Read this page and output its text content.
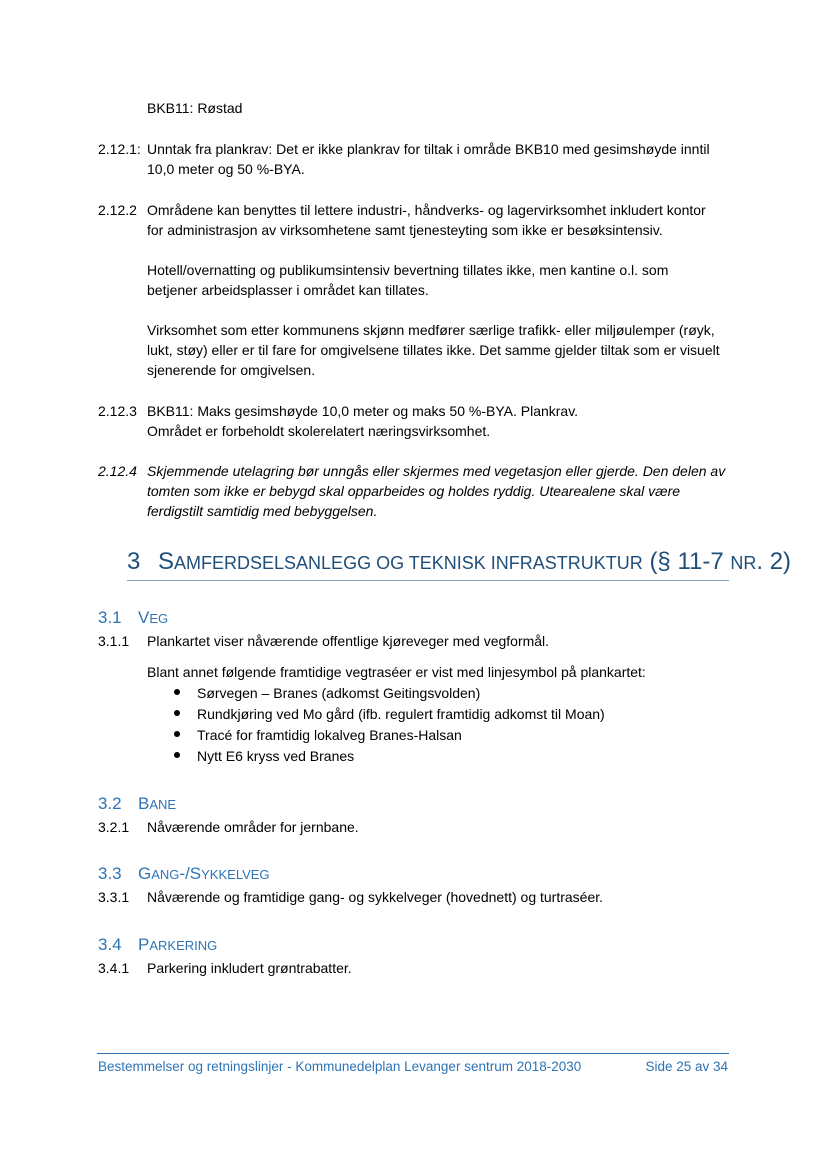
BKB11: Røstad
2.12.1: Unntak fra plankrav: Det er ikke plankrav for tiltak i område BKB10 med gesimshøyde inntil
10,0 meter og 50 %-BYA.
2.12.2 Områdene kan benyttes til lettere industri-, håndverks- og lagervirksomhet inkludert kontor
for administrasjon av virksomhetene samt tjenesteyting som ikke er besøksintensiv.
Hotell/overnatting og publikumsintensiv bevertning tillates ikke, men kantine o.l. som
betjener arbeidsplasser i området kan tillates.
Virksomhet som etter kommunens skjønn medfører særlige trafikk- eller miljøulemper (røyk,
lukt, støy) eller er til fare for omgivelsene tillates ikke. Det samme gjelder tiltak som er visuelt
sjenerende for omgivelsen.
2.12.3 BKB11: Maks gesimshøyde 10,0 meter og maks 50 %-BYA. Plankrav.
Området er forbeholdt skolerelatert næringsvirksomhet.
2.12.4 Skjemmende utelagring bør unngås eller skjermes med vegetasjon eller gjerde. Den delen av
tomten som ikke er bebygd skal opparbeides og holdes ryddig. Utearealene skal være
ferdigstilt samtidig med bebyggelsen.
3 SAMFERDSELSANLEGG OG TEKNISK INFRASTRUKTUR (§ 11-7 NR. 2)
3.1 VEG
3.1.1 Plankartet viser nåværende offentlige kjøreveger med vegformål.
Blant annet følgende framtidige vegtraséer er vist med linjesymbol på plankartet:
Sørvegen – Branes (adkomst Geitingsvolden)
Rundkjøring ved Mo gård (ifb. regulert framtidig adkomst til Moan)
Tracé for framtidig lokalveg Branes-Halsan
Nytt E6 kryss ved Branes
3.2 BANE
3.2.1 Nåværende områder for jernbane.
3.3 GANG-/SYKKELVEG
3.3.1 Nåværende og framtidige gang- og sykkelveger (hovednett) og turtraséer.
3.4 PARKERING
3.4.1 Parkering inkludert grøntrabatter.
Bestemmelser og retningslinjer - Kommunedelplan Levanger sentrum 2018-2030	Side 25 av 34
